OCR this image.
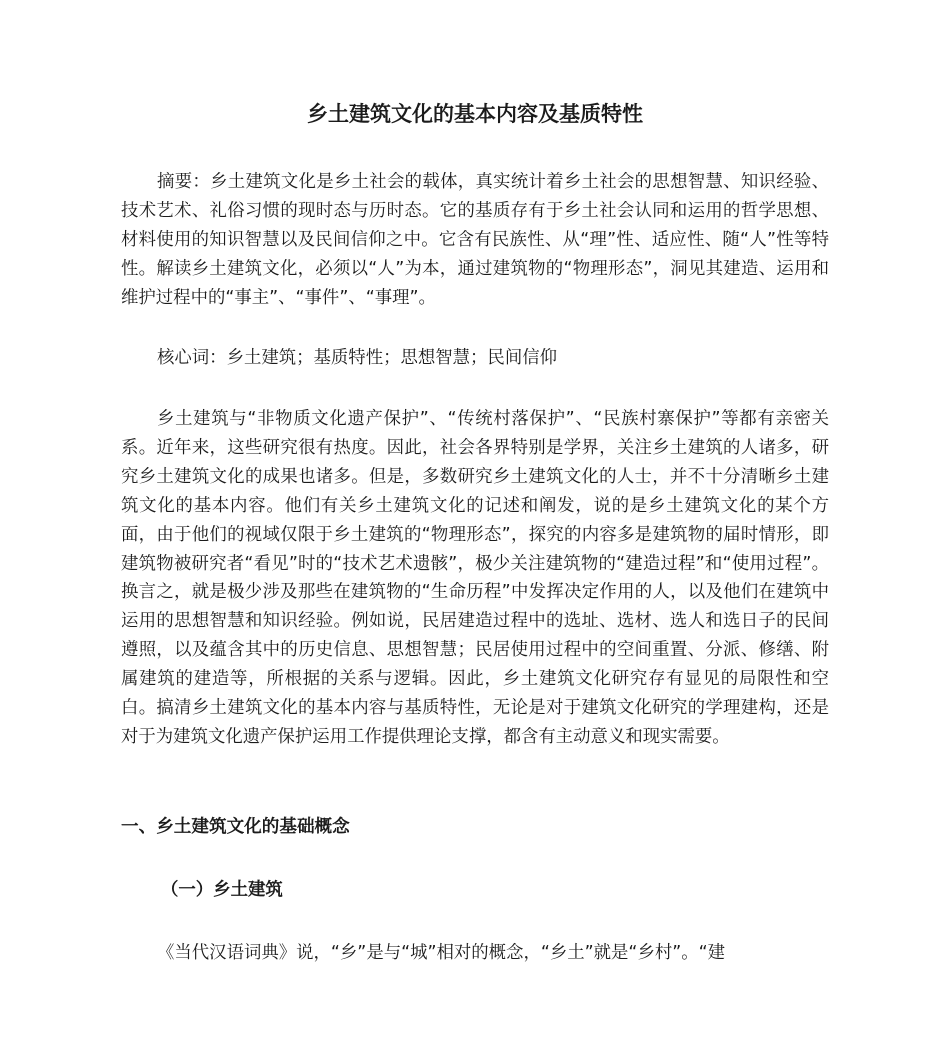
乡土建筑文化的基本内容及基质特性

摘要：乡土建筑文化是乡土社会的载体，真实统计着乡土社会的思想智慧、知识经验、技术艺术、礼俗习惯的现时态与历时态。它的基质存有于乡土社会认同和运用的哲学思想、材料使用的知识智慧以及民间信仰之中。它含有民族性、从“理”性、适应性、随“人”性等特性。解读乡土建筑文化，必须以“人”为本，通过建筑物的“物理形态”，洞见其建造、运用和维护过程中的“事主”、“事件”、“事理”。

核心词：乡土建筑；基质特性；思想智慧；民间信仰

乡土建筑与“非物质文化遗产保护”、“传统村落保护”、“民族村寨保护”等都有亲密关系。近年来，这些研究很有热度。因此，社会各界特别是学界，关注乡土建筑的人诸多，研究乡土建筑文化的成果也诸多。但是，多数研究乡土建筑文化的人士，并不十分清晰乡土建筑文化的基本内容。他们有关乡土建筑文化的记述和阐发，说的是乡土建筑文化的某个方面，由于他们的视域仅限于乡土建筑的“物理形态”，探究的内容多是建筑物的届时情形，即建筑物被研究者“看见”时的“技术艺术遗骸”，极少关注建筑物的“建造过程”和“使用过程”。换言之，就是极少涉及那些在建筑物的“生命历程”中发挥决定作用的人，以及他们在建筑中运用的思想智慧和知识经验。例如说，民居建造过程中的选址、选材、选人和选日子的民间遵照，以及蕴含其中的历史信息、思想智慧；民居使用过程中的空间重置、分派、修缮、附属建筑的建造等，所根据的关系与逻辑。因此，乡土建筑文化研究存有显见的局限性和空白。搞清乡土建筑文化的基本内容与基质特性，无论是对于建筑文化研究的学理建构，还是对于为建筑文化遗产保护运用工作提供理论支撑，都含有主动意义和现实需要。

一、乡土建筑文化的基础概念
（一）乡土建筑

《当代汉语词典》说，“乡”是与“城”相对的概念，“乡土”就是“乡村”。“建
